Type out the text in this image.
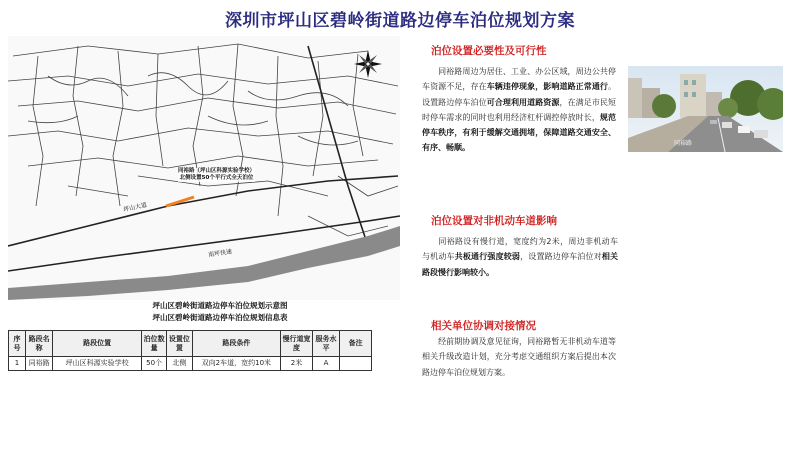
深圳市坪山区碧岭街道路边停车泊位规划方案
同裕路（坪山区科源实验学校）
北侧设置50个平行式全天泊位
坪山大道
南坪快速
坪山区碧岭街道路边停车泊位规划示意图
坪山区碧岭街道路边停车泊位规划信息表
序号	路段名称	路段位置	泊位数量	设置位置	路段条件	慢行道宽度	服务水平	备注
1	同裕路	坪山区科源实验学校	50个	北侧	双向2车道，宽约10米	2米	A	
泊位设置必要性及可行性
同裕路周边为居住、工业、办公区域，周边公共停车资源不足，存在车辆违停现象，影响道路正常通行。设置路边停车泊位可合理利用道路资源，在满足市民短时停车需求的同时也利用经济杠杆调控停放时长，规范停车秩序，有利于缓解交通拥堵，保障道路交通安全、有序、畅顺。	同裕路
泊位设置对非机动车道影响
同裕路设有慢行道，宽度约为2米，周边非机动车与机动车共板通行强度较弱，设置路边停车泊位对相关路段慢行影响较小。
相关单位协调对接情况
经前期协调及意见征询，同裕路暂无非机动车道等相关升级改造计划，充分考虑交通组织方案后提出本次路边停车泊位规划方案。
